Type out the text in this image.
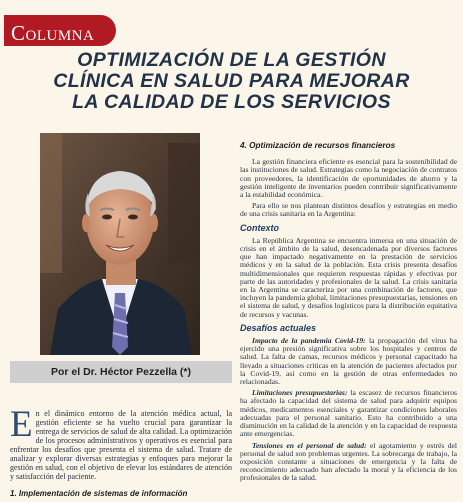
COLUMNA
OPTIMIZACIÓN DE LA GESTIÓN
CLÍNICA EN SALUD PARA MEJORAR
LA CALIDAD DE LOS SERVICIOS
Por el Dr. Héctor Pezzella (*)
E n el dinámico entorno de la atención médica actual, la gestión eficiente se ha vuelto crucial para garantizar la entrega de servicios de salud de alta calidad. La optimización de los procesos administrativos y operativos es esencial para enfrentar los desafíos que presenta el sistema de salud. Tratare de analizar y explorar diversas estrategias y enfoques para mejorar la gestión en salud, con el objetivo de elevar los estándares de atención y satisfacción del paciente.

1. Implementación de sistemas de información
4. Optimización de recursos financieros

La gestión financiera eficiente es esencial para la sostenibilidad de las instituciones de salud. Estrategias como la negociación de contratos con proveedores, la identificación de oportunidades de ahorro y la gestión inteligente de inventarios pueden contribuir significativamente a la estabilidad económica.

Para ello se nos plantean distintos desafíos y estrategias en medio de una crisis sanitaria en la Argentina:

Contexto

La República Argentina se encuentra inmersa en una situación de crisis en el ámbito de la salud, desencadenada por diversos factores que han impactado negativamente en la prestación de servicios médicos y en la salud de la población. Esta crisis presenta desafíos multidimensionales que requieren respuestas rápidas y efectivas por parte de las autoridades y profesionales de la salud. La crisis sanitaria en la Argentina se caracteriza por una combinación de factores, que incluyen la pandemia global, limitaciones presupuestarias, tensiones en el sistema de salud, y desafíos logísticos para la distribución equitativa de recursos y vacunas.

Desafíos actuales

Impacto de la pandemia Covid-19: la propagación del virus ha ejercido una presión significativa sobre los hospitales y centros de salud. La falta de camas, recursos médicos y personal capacitado ha llevado a situaciones críticas en la atención de pacientes afectados por la Covid-19, así como en la gestión de otras enfermedades no relacionadas.

Limitaciones presupuestarias: la escasez de recursos financieros ha afectado la capacidad del sistema de salud para adquirir equipos médicos, medicamentos esenciales y garantizar condiciones laborales adecuadas para el personal sanitario. Esto ha contribuido a una disminución en la calidad de la atención y en la capacidad de respuesta ante emergencias.

Tensiones en el personal de salud: el agotamiento y estrés del personal de salud son problemas urgentes. La sobrecarga de trabajo, la exposición constante a situaciones de emergencia y la falta de reconocimiento adecuado han afectado la moral y la eficiencia de los profesionales de la salud.
